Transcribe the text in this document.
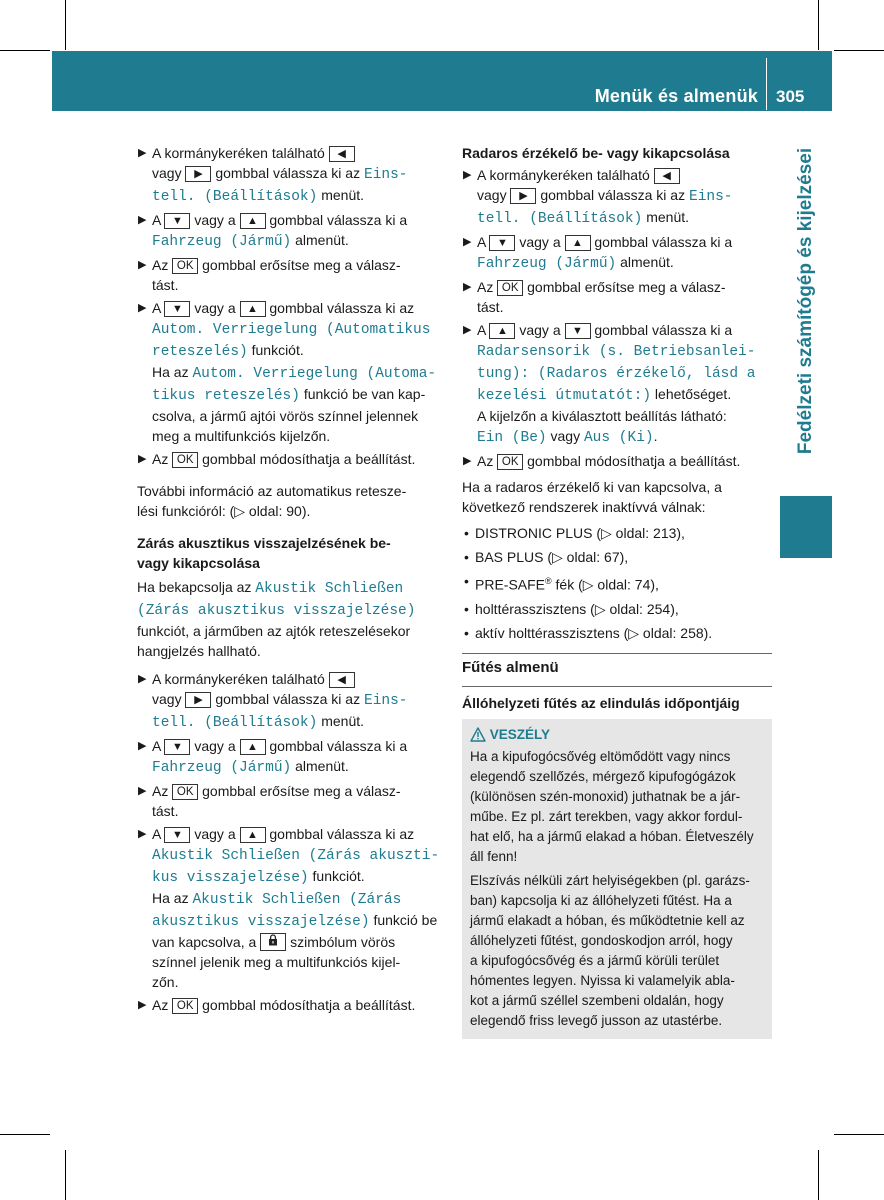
Menük és almenük 305
Fedélzeti számítógép és kijelzései

▶ A kormánykeréken található ◀
vagy ▶ gombbal válassza ki az Eins-
tell. (Beállítások) menüt.

▶ A ▼ vagy a ▲ gombbal válassza ki a
Fahrzeug (Jármű) almenüt.

▶ Az OK gombbal erősítse meg a válasz-
tást.

▶ A ▼ vagy a ▲ gombbal válassza ki az
Autom. Verriegelung (Automatikus
reteszelés) funkciót.
Ha az Autom. Verriegelung (Automa-
tikus reteszelés) funkció be van kap-
csolva, a jármű ajtói vörös színnel jelennek
meg a multifunkciós kijelzőn.

▶ Az OK gombbal módosíthatja a beállítást.

További információ az automatikus retesze-
lési funkcióról: (▷ oldal: 90).

Zárás akusztikus visszajelzésének be-
vagy kikapcsolása

Ha bekapcsolja az Akustik Schließen
(Zárás akusztikus visszajelzése)
funkciót, a járműben az ajtók reteszelésekor
hangjelzés hallható.

▶ A kormánykeréken található ◀
vagy ▶ gombbal válassza ki az Eins-
tell. (Beállítások) menüt.

▶ A ▼ vagy a ▲ gombbal válassza ki a
Fahrzeug (Jármű) almenüt.

▶ Az OK gombbal erősítse meg a válasz-
tást.

▶ A ▼ vagy a ▲ gombbal válassza ki az
Akustik Schließen (Zárás akuszti-
kus visszajelzése) funkciót.
Ha az Akustik Schließen (Zárás
akusztikus visszajelzése) funkció be
van kapcsolva, a szimbólum vörös
színnel jelenik meg a multifunkciós kijel-
zőn.

▶ Az OK gombbal módosíthatja a beállítást.

Radaros érzékelő be- vagy kikapcsolása

▶ A kormánykeréken található ◀
vagy ▶ gombbal válassza ki az Eins-
tell. (Beállítások) menüt.

▶ A ▼ vagy a ▲ gombbal válassza ki a
Fahrzeug (Jármű) almenüt.

▶ Az OK gombbal erősítse meg a válasz-
tást.

▶ A ▲ vagy a ▼ gombbal válassza ki a
Radarsensorik (s. Betriebsanlei-
tung): (Radaros érzékelő, lásd a
kezelési útmutatót:) lehetőséget.
A kijelzőn a kiválasztott beállítás látható:
Ein (Be) vagy Aus (Ki).

▶ Az OK gombbal módosíthatja a beállítást.

Ha a radaros érzékelő ki van kapcsolva, a
következő rendszerek inaktívvá válnak:

• DISTRONIC PLUS (▷ oldal: 213),

• BAS PLUS (▷ oldal: 67),

• PRE-SAFE® fék (▷ oldal: 74),

• holttérasszisztens (▷ oldal: 254),

• aktív holttérasszisztens (▷ oldal: 258).

Fűtés almenü

Állóhelyzeti fűtés az elindulás időpontjáig

VESZÉLY

Ha a kipufogócsővég eltömődött vagy nincs
elegendő szellőzés, mérgező kipufogógázok
(különösen szén-monoxid) juthatnak be a jár-
műbe. Ez pl. zárt terekben, vagy akkor fordul-
hat elő, ha a jármű elakad a hóban. Életveszély
áll fenn!

Elszívás nélküli zárt helyiségekben (pl. garázs-
ban) kapcsolja ki az állóhelyzeti fűtést. Ha a
jármű elakadt a hóban, és működtetnie kell az
állóhelyzeti fűtést, gondoskodjon arról, hogy
a kipufogócsővég és a jármű körüli terület
hómentes legyen. Nyissa ki valamelyik abla-
kot a jármű széllel szembeni oldalán, hogy
elegendő friss levegő jusson az utastérbe.
